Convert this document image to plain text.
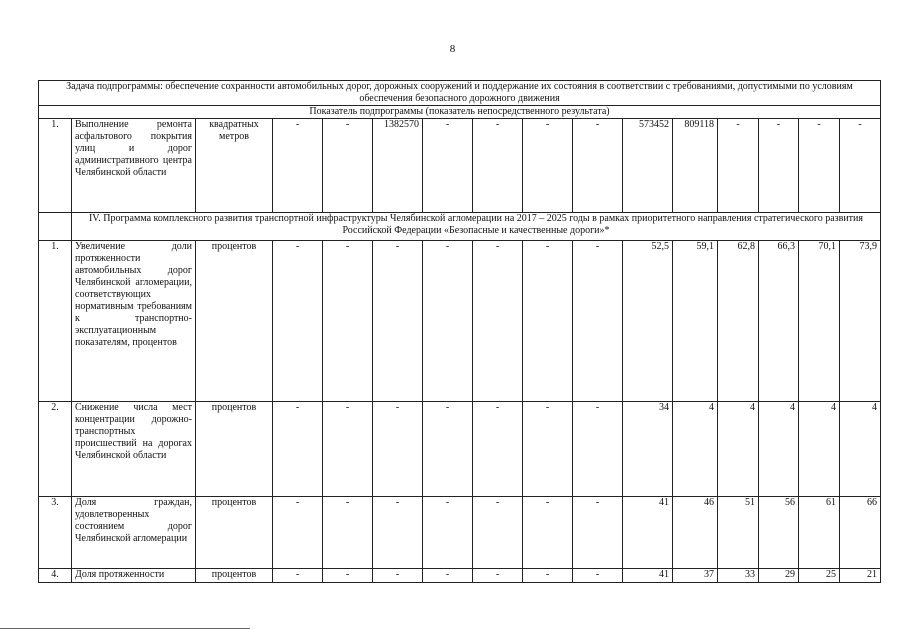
8
Задача подпрограммы: обеспечение сохранности автомобильных дорог, дорожных сооружений и поддержание их состояния в соответствии с требованиями, допустимыми по условиям обеспечения безопасного дорожного движения															
Показатель подпрограммы (показатель непосредственного результата)															
1.	Выполнение ремонта асфальтового покрытия улиц и дорог административного центра Челябинской области	квадратных метров	-	-	1382570	-	-	-	-	573452	809118	-	-	-	-
	IV. Программа комплексного развития транспортной инфраструктуры Челябинской агломерации на 2017 – 2025 годы в рамках приоритетного направления стратегического развития Российской Федерации «Безопасные и качественные дороги»*														
1.	Увеличение доли протяженности автомобильных дорог Челябинской агломерации, соответствующих нормативным требованиям к транспортно-эксплуатационным показателям, процентов	процентов	-	-	-	-	-	-	-	52,5	59,1	62,8	66,3	70,1	73,9
2.	Снижение числа мест концентрации дорожно-транспортных происшествий на дорогах Челябинской области	процентов	-	-	-	-	-	-	-	34	4	4	4	4	4
3.	Доля граждан, удовлетворенных состоянием дорог Челябинской агломерации	процентов	-	-	-	-	-	-	-	41	46	51	56	61	66
4.	Доля протяженности	процентов	-	-	-	-	-	-	-	41	37	33	29	25	21
